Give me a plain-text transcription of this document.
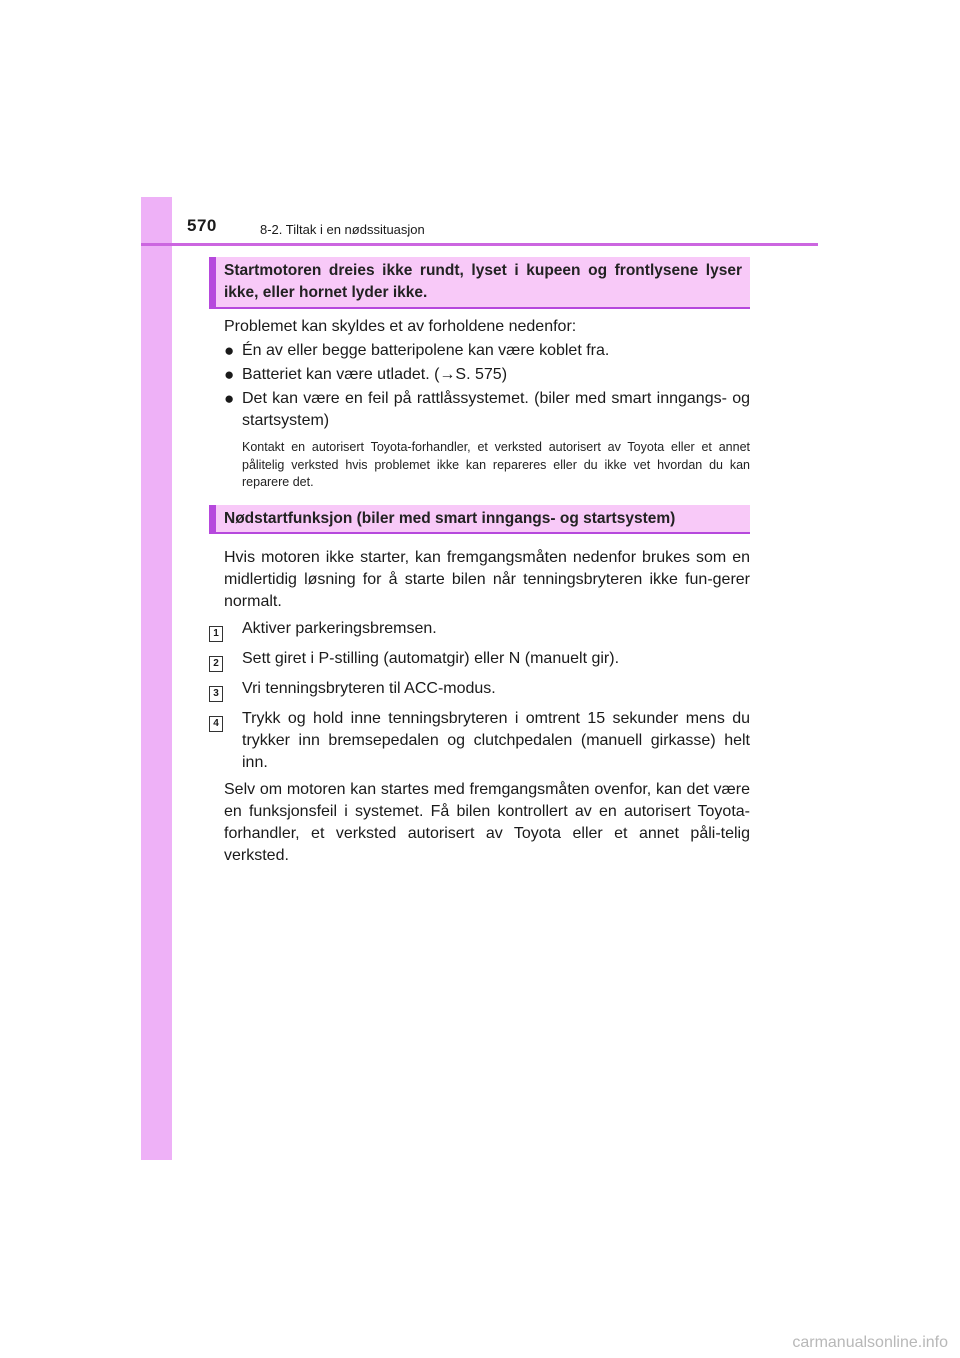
570	8-2. Tiltak i en nødssituasjon
Startmotoren dreies ikke rundt, lyset i kupeen og frontlysene lyser ikke, eller hornet lyder ikke.

Problemet kan skyldes et av forholdene nedenfor:

● Én av eller begge batteripolene kan være koblet fra.
● Batteriet kan være utladet. (→S. 575)
● Det kan være en feil på rattlåssystemet. (biler med smart inngangs- og startsystem)

Kontakt en autorisert Toyota-forhandler, et verksted autorisert av Toyota eller et annet pålitelig verksted hvis problemet ikke kan repareres eller du ikke vet hvordan du kan reparere det.

Nødstartfunksjon (biler med smart inngangs- og startsystem)

Hvis motoren ikke starter, kan fremgangsmåten nedenfor brukes som en midlertidig løsning for å starte bilen når tenningsbryteren ikke fun-gerer normalt.

1	Aktiver parkeringsbremsen.
2	Sett giret i P-stilling (automatgir) eller N (manuelt gir).
3	Vri tenningsbryteren til ACC-modus.
4	Trykk og hold inne tenningsbryteren i omtrent 15 sekunder mens du trykker inn bremsepedalen og clutchpedalen (manuell girkasse) helt inn.

Selv om motoren kan startes med fremgangsmåten ovenfor, kan det være en funksjonsfeil i systemet. Få bilen kontrollert av en autorisert Toyota-forhandler, et verksted autorisert av Toyota eller et annet påli-telig verksted.

carmanualsonline.info
